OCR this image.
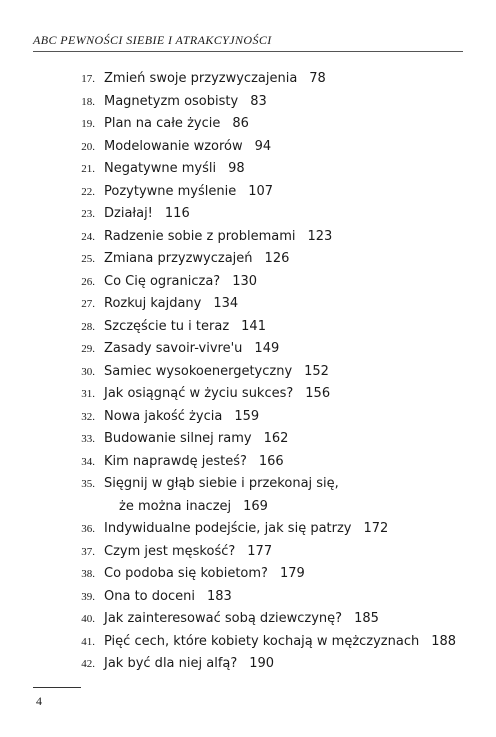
ABC PEWNOŚCI SIEBIE I ATRAKCYJNOŚCI
17. Zmień swoje przyzwyczajenia 78
18. Magnetyzm osobisty 83
19. Plan na całe życie 86
20. Modelowanie wzorów 94
21. Negatywne myśli 98
22. Pozytywne myślenie 107
23. Działaj! 116
24. Radzenie sobie z problemami 123
25. Zmiana przyzwyczajeń 126
26. Co Cię ogranicza? 130
27. Rozkuj kajdany 134
28. Szczęście tu i teraz 141
29. Zasady savoir-vivre'u 149
30. Samiec wysokoenergetyczny 152
31. Jak osiągnąć w życiu sukces? 156
32. Nowa jakość życia 159
33. Budowanie silnej ramy 162
34. Kim naprawdę jesteś? 166
35. Sięgnij w głąb siebie i przekonaj się,
że można inaczej 169
36. Indywidualne podejście, jak się patrzy 172
37. Czym jest męskość? 177
38. Co podoba się kobietom? 179
39. Ona to doceni 183
40. Jak zainteresować sobą dziewczynę? 185
41. Pięć cech, które kobiety kochają w mężczyznach 188
42. Jak być dla niej alfą? 190
4
